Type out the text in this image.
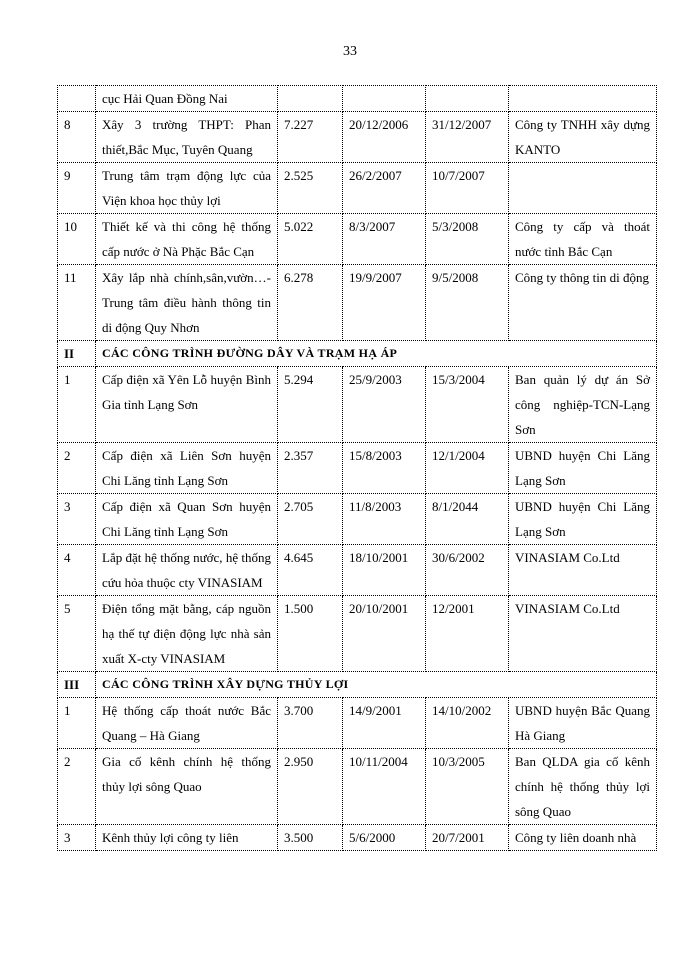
33
	cục Hải Quan Đồng Nai				
8	Xây 3 trường THPT: Phan thiết,Bắc Mục, Tuyên Quang	7.227	20/12/2006	31/12/2007	Công ty TNHH xây dựng KANTO
9	Trung tâm trạm động lực của Viện khoa học thủy lợi	2.525	26/2/2007	10/7/2007	
10	Thiết kế và thi công hệ thống cấp nước ở Nà Phặc Bắc Cạn	5.022	8/3/2007	5/3/2008	Công ty cấp và thoát nước tỉnh Bắc Cạn
11	Xây lắp nhà chính,sân,vườn…- Trung tâm điều hành thông tin di động Quy Nhơn	6.278	19/9/2007	9/5/2008	Công ty thông tin di động
II	CÁC CÔNG TRÌNH ĐƯỜNG DÂY VÀ TRẠM HẠ ÁP				
1	Cấp điện xã Yên Lỗ huyện Bình Gia tỉnh Lạng Sơn	5.294	25/9/2003	15/3/2004	Ban quản lý dự án Sở công nghiệp-TCN-Lạng Sơn
2	Cấp điện xã Liên Sơn huyện Chi Lăng tỉnh Lạng Sơn	2.357	15/8/2003	12/1/2004	UBND huyện Chi Lăng Lạng Sơn
3	Cấp điện xã Quan Sơn huyện Chi Lăng tỉnh Lạng Sơn	2.705	11/8/2003	8/1/2044	UBND huyện Chi Lăng Lạng Sơn
4	Lắp đặt hệ thống nước, hệ thống cứu hỏa thuộc cty VINASIAM	4.645	18/10/2001	30/6/2002	VINASIAM Co.Ltd
5	Điện tổng mặt bằng, cáp nguồn hạ thế tự điện động lực nhà sản xuất X-cty VINASIAM	1.500	20/10/2001	12/2001	VINASIAM Co.Ltd
III	CÁC CÔNG TRÌNH XÂY DỰNG THỦY LỢI				
1	Hệ thống cấp thoát nước Bắc Quang – Hà Giang	3.700	14/9/2001	14/10/2002	UBND huyện Bắc Quang Hà Giang
2	Gia cố kênh chính hệ thống thủy lợi sông Quao	2.950	10/11/2004	10/3/2005	Ban QLDA gia cố kênh chính hệ thống thủy lợi sông Quao
3	Kênh thủy lợi công ty liên	3.500	5/6/2000	20/7/2001	Công ty liên doanh nhà
